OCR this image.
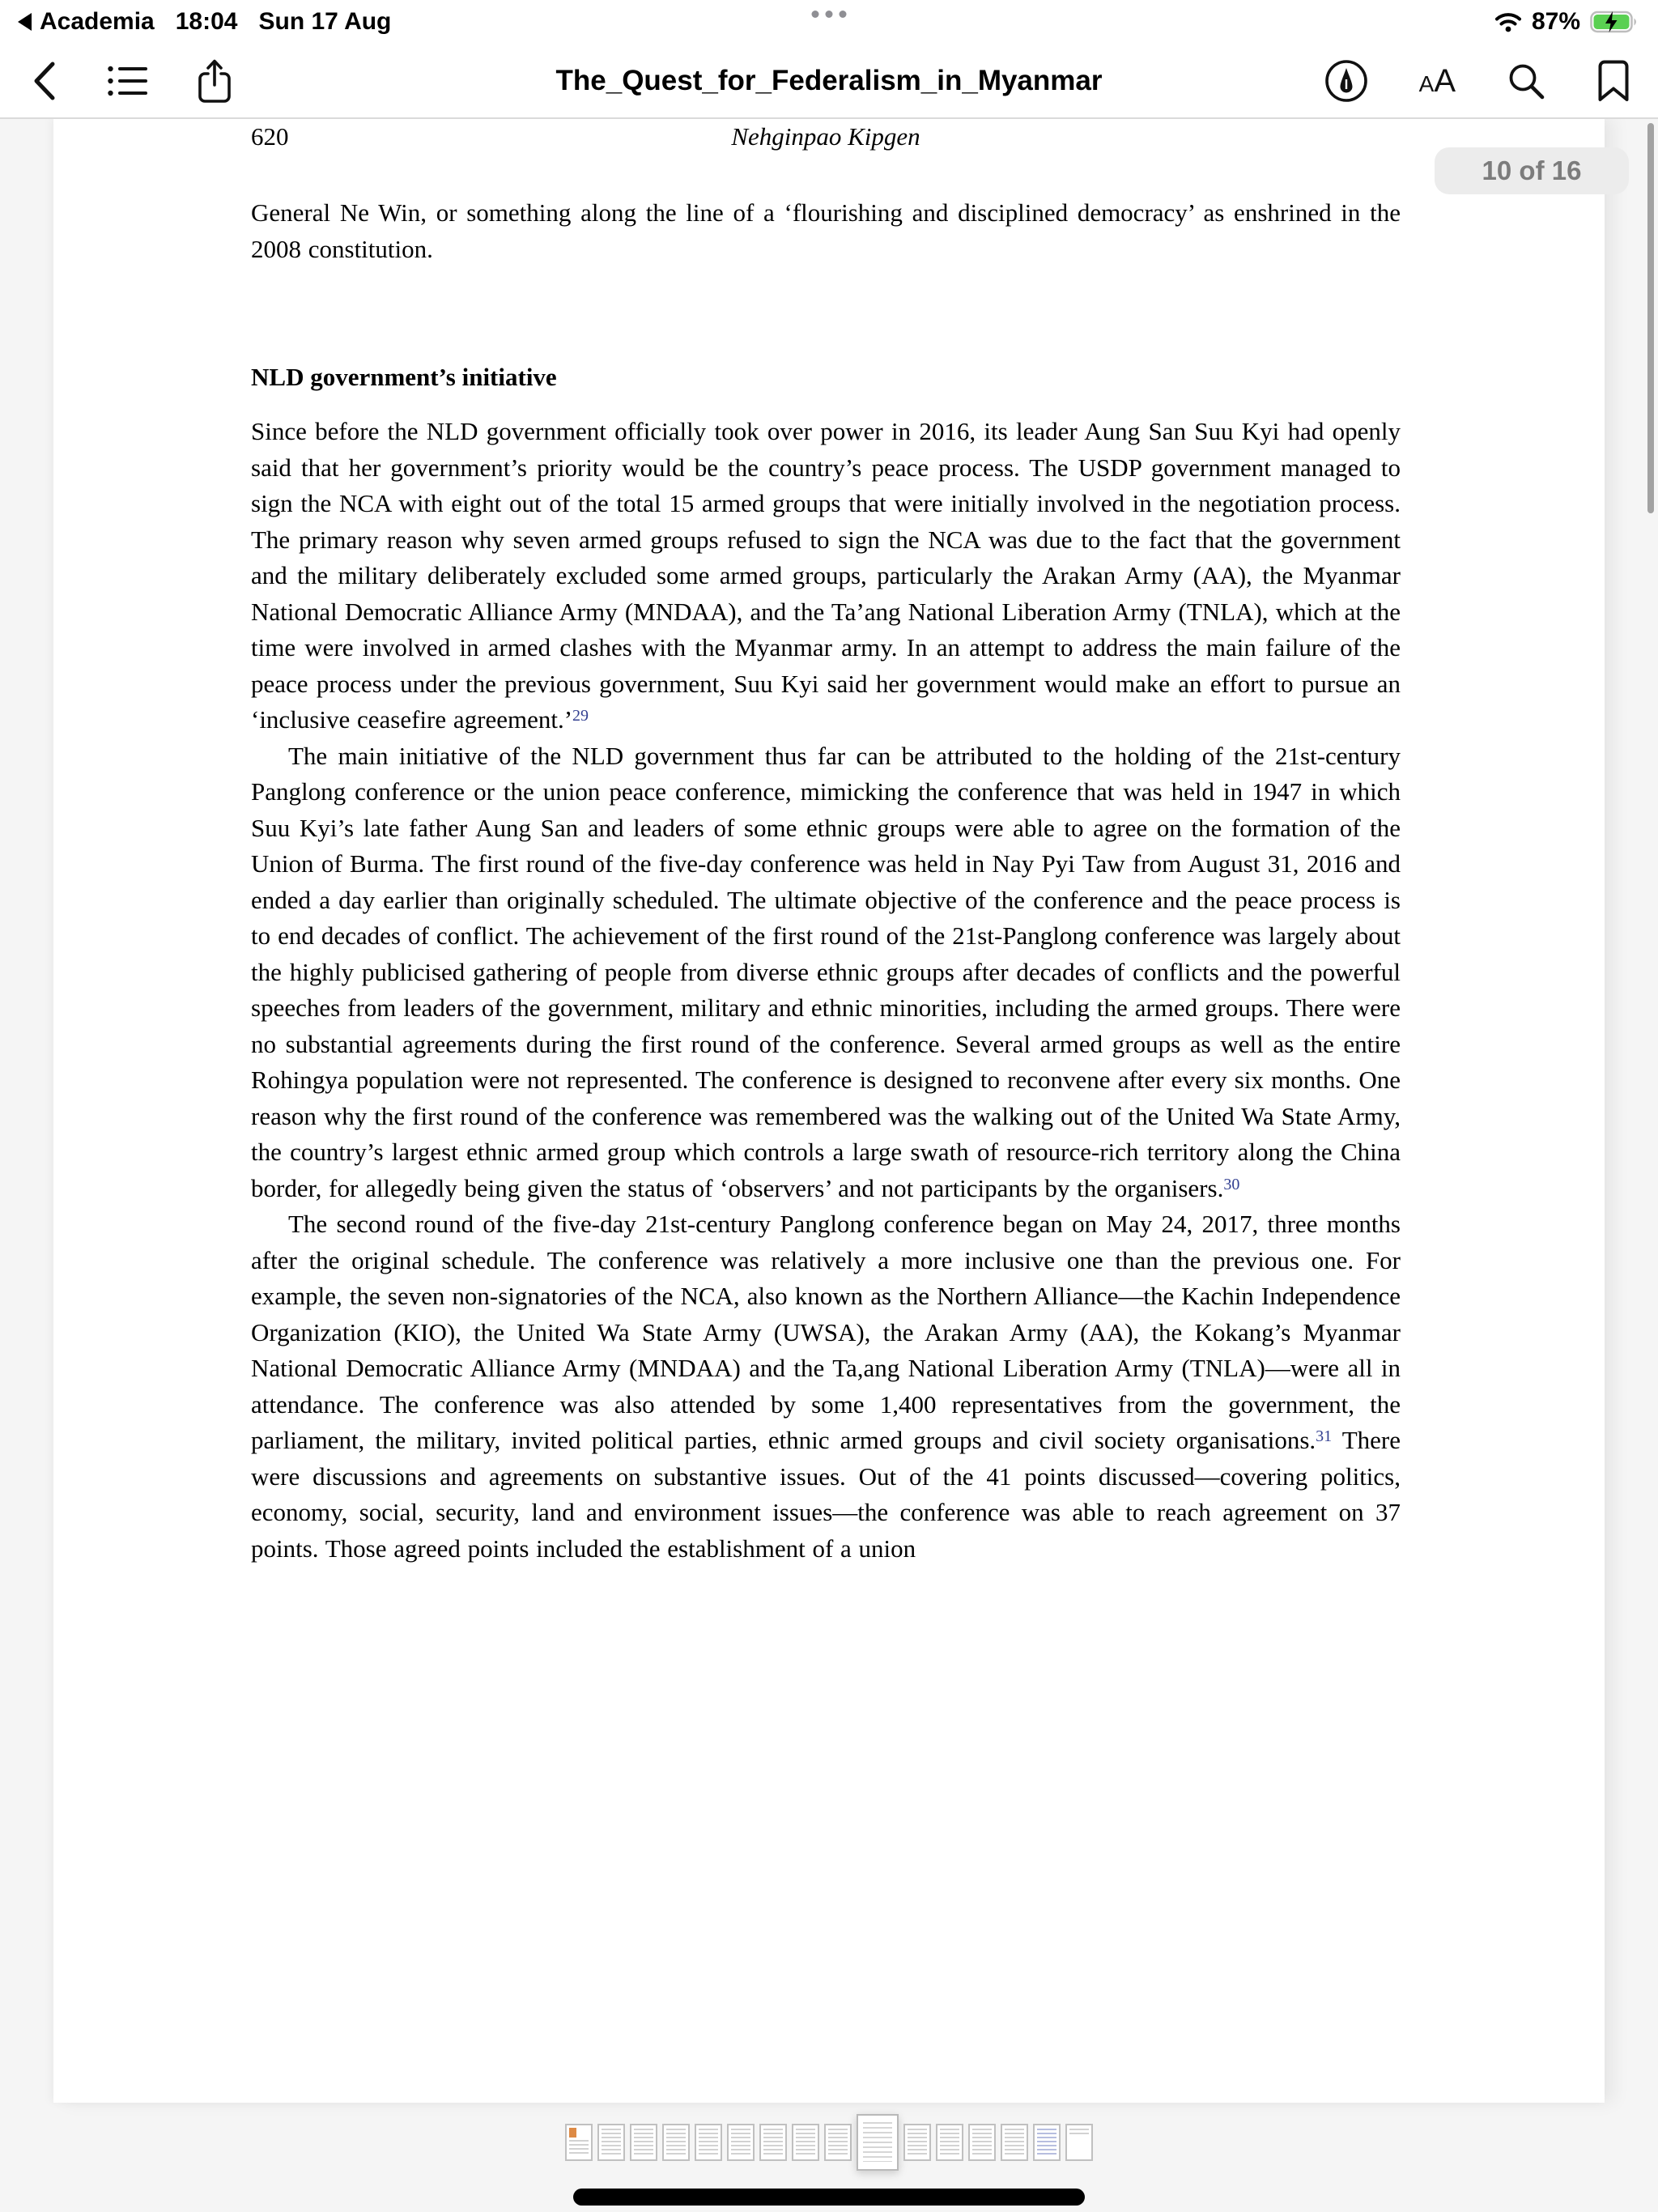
Academia 18:04 Sun 17 Aug	87%
The_Quest_for_Federalism_in_Myanmar	AA
620	Nehginpao Kipgen
General Ne Win, or something along the line of a ‘flourishing and disciplined democracy’ as enshrined in the 2008 constitution.
NLD government’s initiative

Since before the NLD government officially took over power in 2016, its leader Aung San Suu Kyi had openly said that her government’s priority would be the country’s peace process. The USDP government managed to sign the NCA with eight out of the total 15 armed groups that were initially involved in the negotiation process. The primary reason why seven armed groups refused to sign the NCA was due to the fact that the government and the military deliberately excluded some armed groups, particularly the Arakan Army (AA), the Myanmar National Democratic Alliance Army (MNDAA), and the Ta’ang National Liberation Army (TNLA), which at the time were involved in armed clashes with the Myanmar army. In an attempt to address the main failure of the peace process under the previous government, Suu Kyi said her government would make an effort to pursue an ‘inclusive ceasefire agreement.’$^{29}$

The main initiative of the NLD government thus far can be attributed to the holding of the 21st-century Panglong conference or the union peace conference, mimicking the conference that was held in 1947 in which Suu Kyi’s late father Aung San and leaders of some ethnic groups were able to agree on the formation of the Union of Burma. The first round of the five-day conference was held in Nay Pyi Taw from August 31, 2016 and ended a day earlier than originally scheduled. The ultimate objective of the conference and the peace process is to end decades of conflict. The achievement of the first round of the 21st-Panglong conference was largely about the highly publicised gathering of people from diverse ethnic groups after decades of conflicts and the powerful speeches from leaders of the government, military and ethnic minorities, including the armed groups. There were no substantial agreements during the first round of the conference. Several armed groups as well as the entire Rohingya population were not represented. The conference is designed to reconvene after every six months. One reason why the first round of the conference was remembered was the walking out of the United Wa State Army, the country’s largest ethnic armed group which controls a large swath of resource-rich territory along the China border, for allegedly being given the status of ‘observers’ and not participants by the organisers.$^{30}$

The second round of the five-day 21st-century Panglong conference began on May 24, 2017, three months after the original schedule. The conference was relatively a more inclusive one than the previous one. For example, the seven non-signatories of the NCA, also known as the Northern Alliance—the Kachin Independence Organization (KIO), the United Wa State Army (UWSA), the Arakan Army (AA), the Kokang’s Myanmar National Democratic Alliance Army (MNDAA) and the Ta,ang National Liberation Army (TNLA)—were all in attendance. The conference was also attended by some 1,400 representatives from the government, the parliament, the military, invited political parties, ethnic armed groups and civil society organisations.$^{31}$ There were discussions and agreements on substantive issues. Out of the 41 points discussed—covering politics, economy, social, security, land and environment issues—the conference was able to reach agreement on 37 points. Those agreed points included the establishment of a union

10 of 16
